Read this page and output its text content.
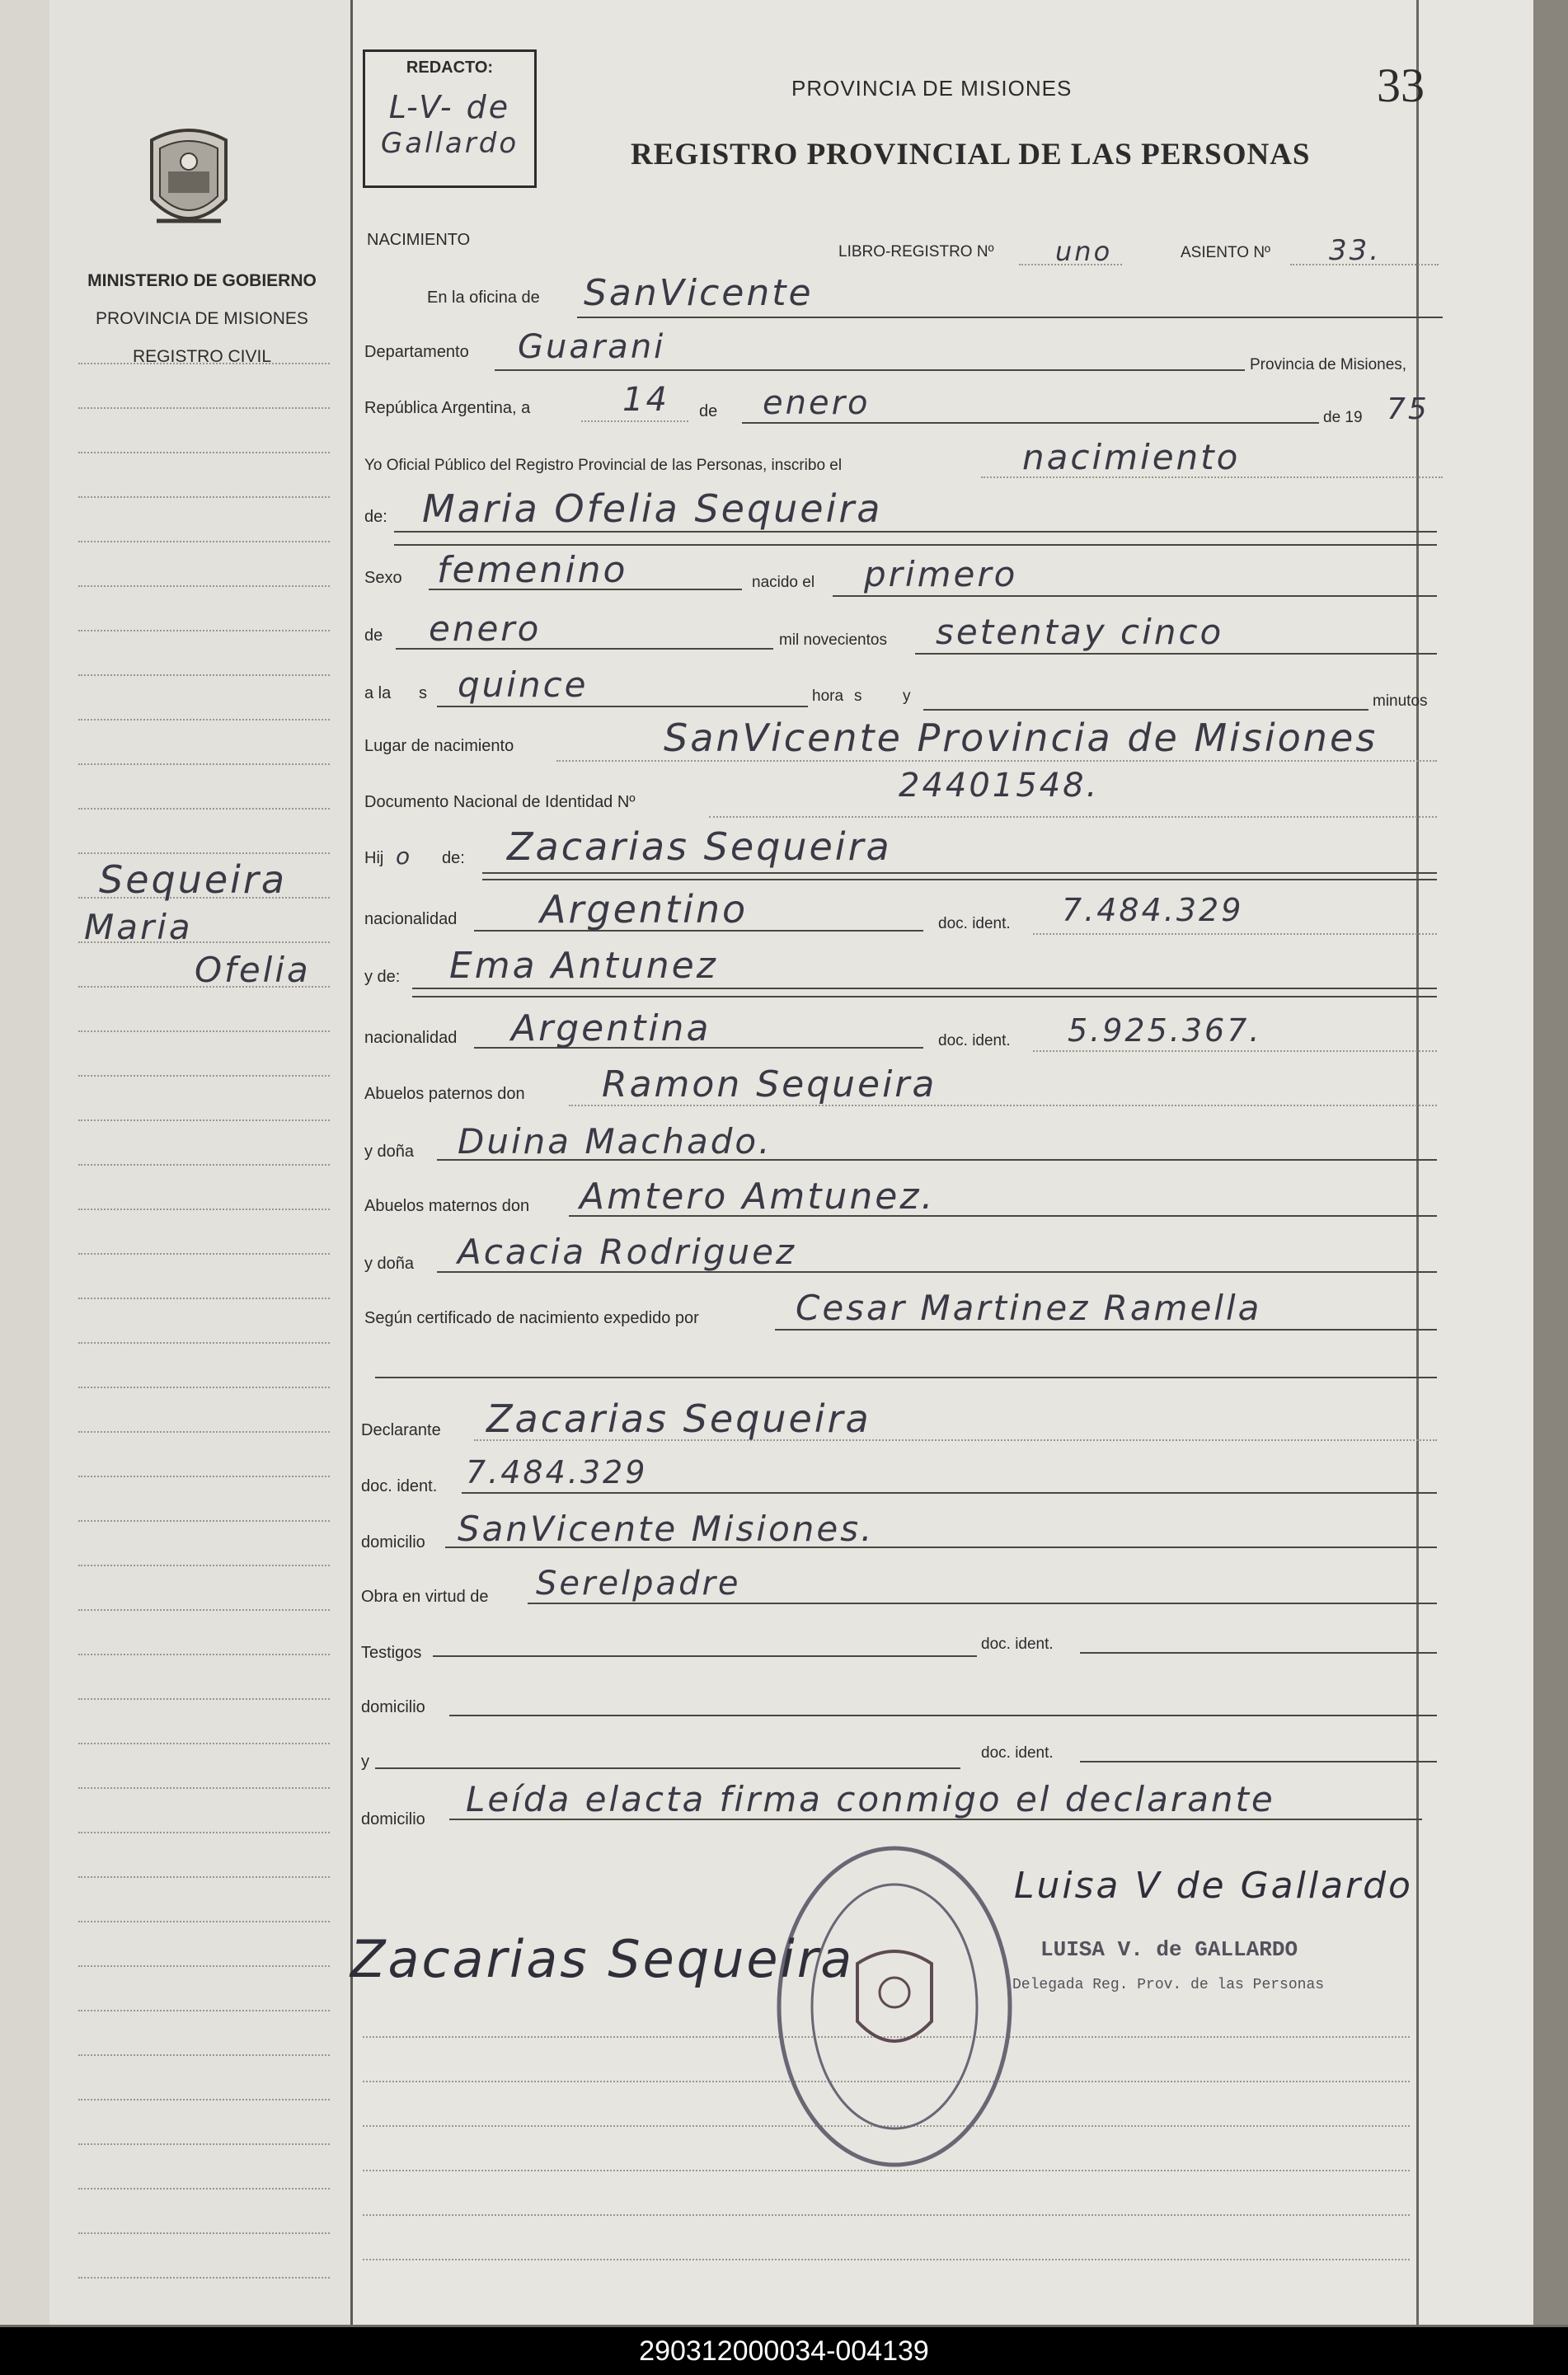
MINISTERIO DE GOBIERNO
PROVINCIA DE MISIONES
REGISTRO CIVIL
Sequeira
Maria
Ofelia
REDACTO:
L-V- de
Gallardo
PROVINCIA DE MISIONES
REGISTRO PROVINCIAL DE LAS PERSONAS
33
NACIMIENTO
LIBRO-REGISTRO Nº uno	ASIENTO Nº 33.
En la oficina de SanVicente
Departamento Guarani	Provincia de Misiones,
República Argentina, a	14 de enero	de 19 75
Yo Oficial Público del Registro Provincial de las Personas, inscribo el	nacimiento
de: Maria Ofelia Sequeira
Sexo femenino	nacido el primero
de enero	mil novecientos setentay cinco
a la s quince	hora s	y	minutos
Lugar de nacimiento	SanVicente Provincia de Misiones
Documento Nacional de Identidad Nº	24401548.
Hij o de: Zacarias Sequeira
nacionalidad Argentino	doc. ident. 7.484.329
y de: Ema Antunez
nacionalidad Argentina	doc. ident. 5.925.367.
Abuelos paternos don Ramon Sequeira
y doña Duina Machado.
Abuelos maternos don Amtero Amtunez.
y doña Acacia Rodriguez
Según certificado de nacimiento expedido por	Cesar Martinez Ramella
Declarante Zacarias Sequeira
doc. ident. 7.484.329
domicilio SanVicente Misiones.
Obra en virtud de Serelpadre
Testigos	doc. ident.
domicilio
y	doc. ident.
domicilio Leída elacta firma conmigo el declarante
Zacarias Sequeira
Luisa V de Gallardo
LUISA V. de GALLARDO
Delegada Reg. Prov. de las Personas
290312000034-004139
